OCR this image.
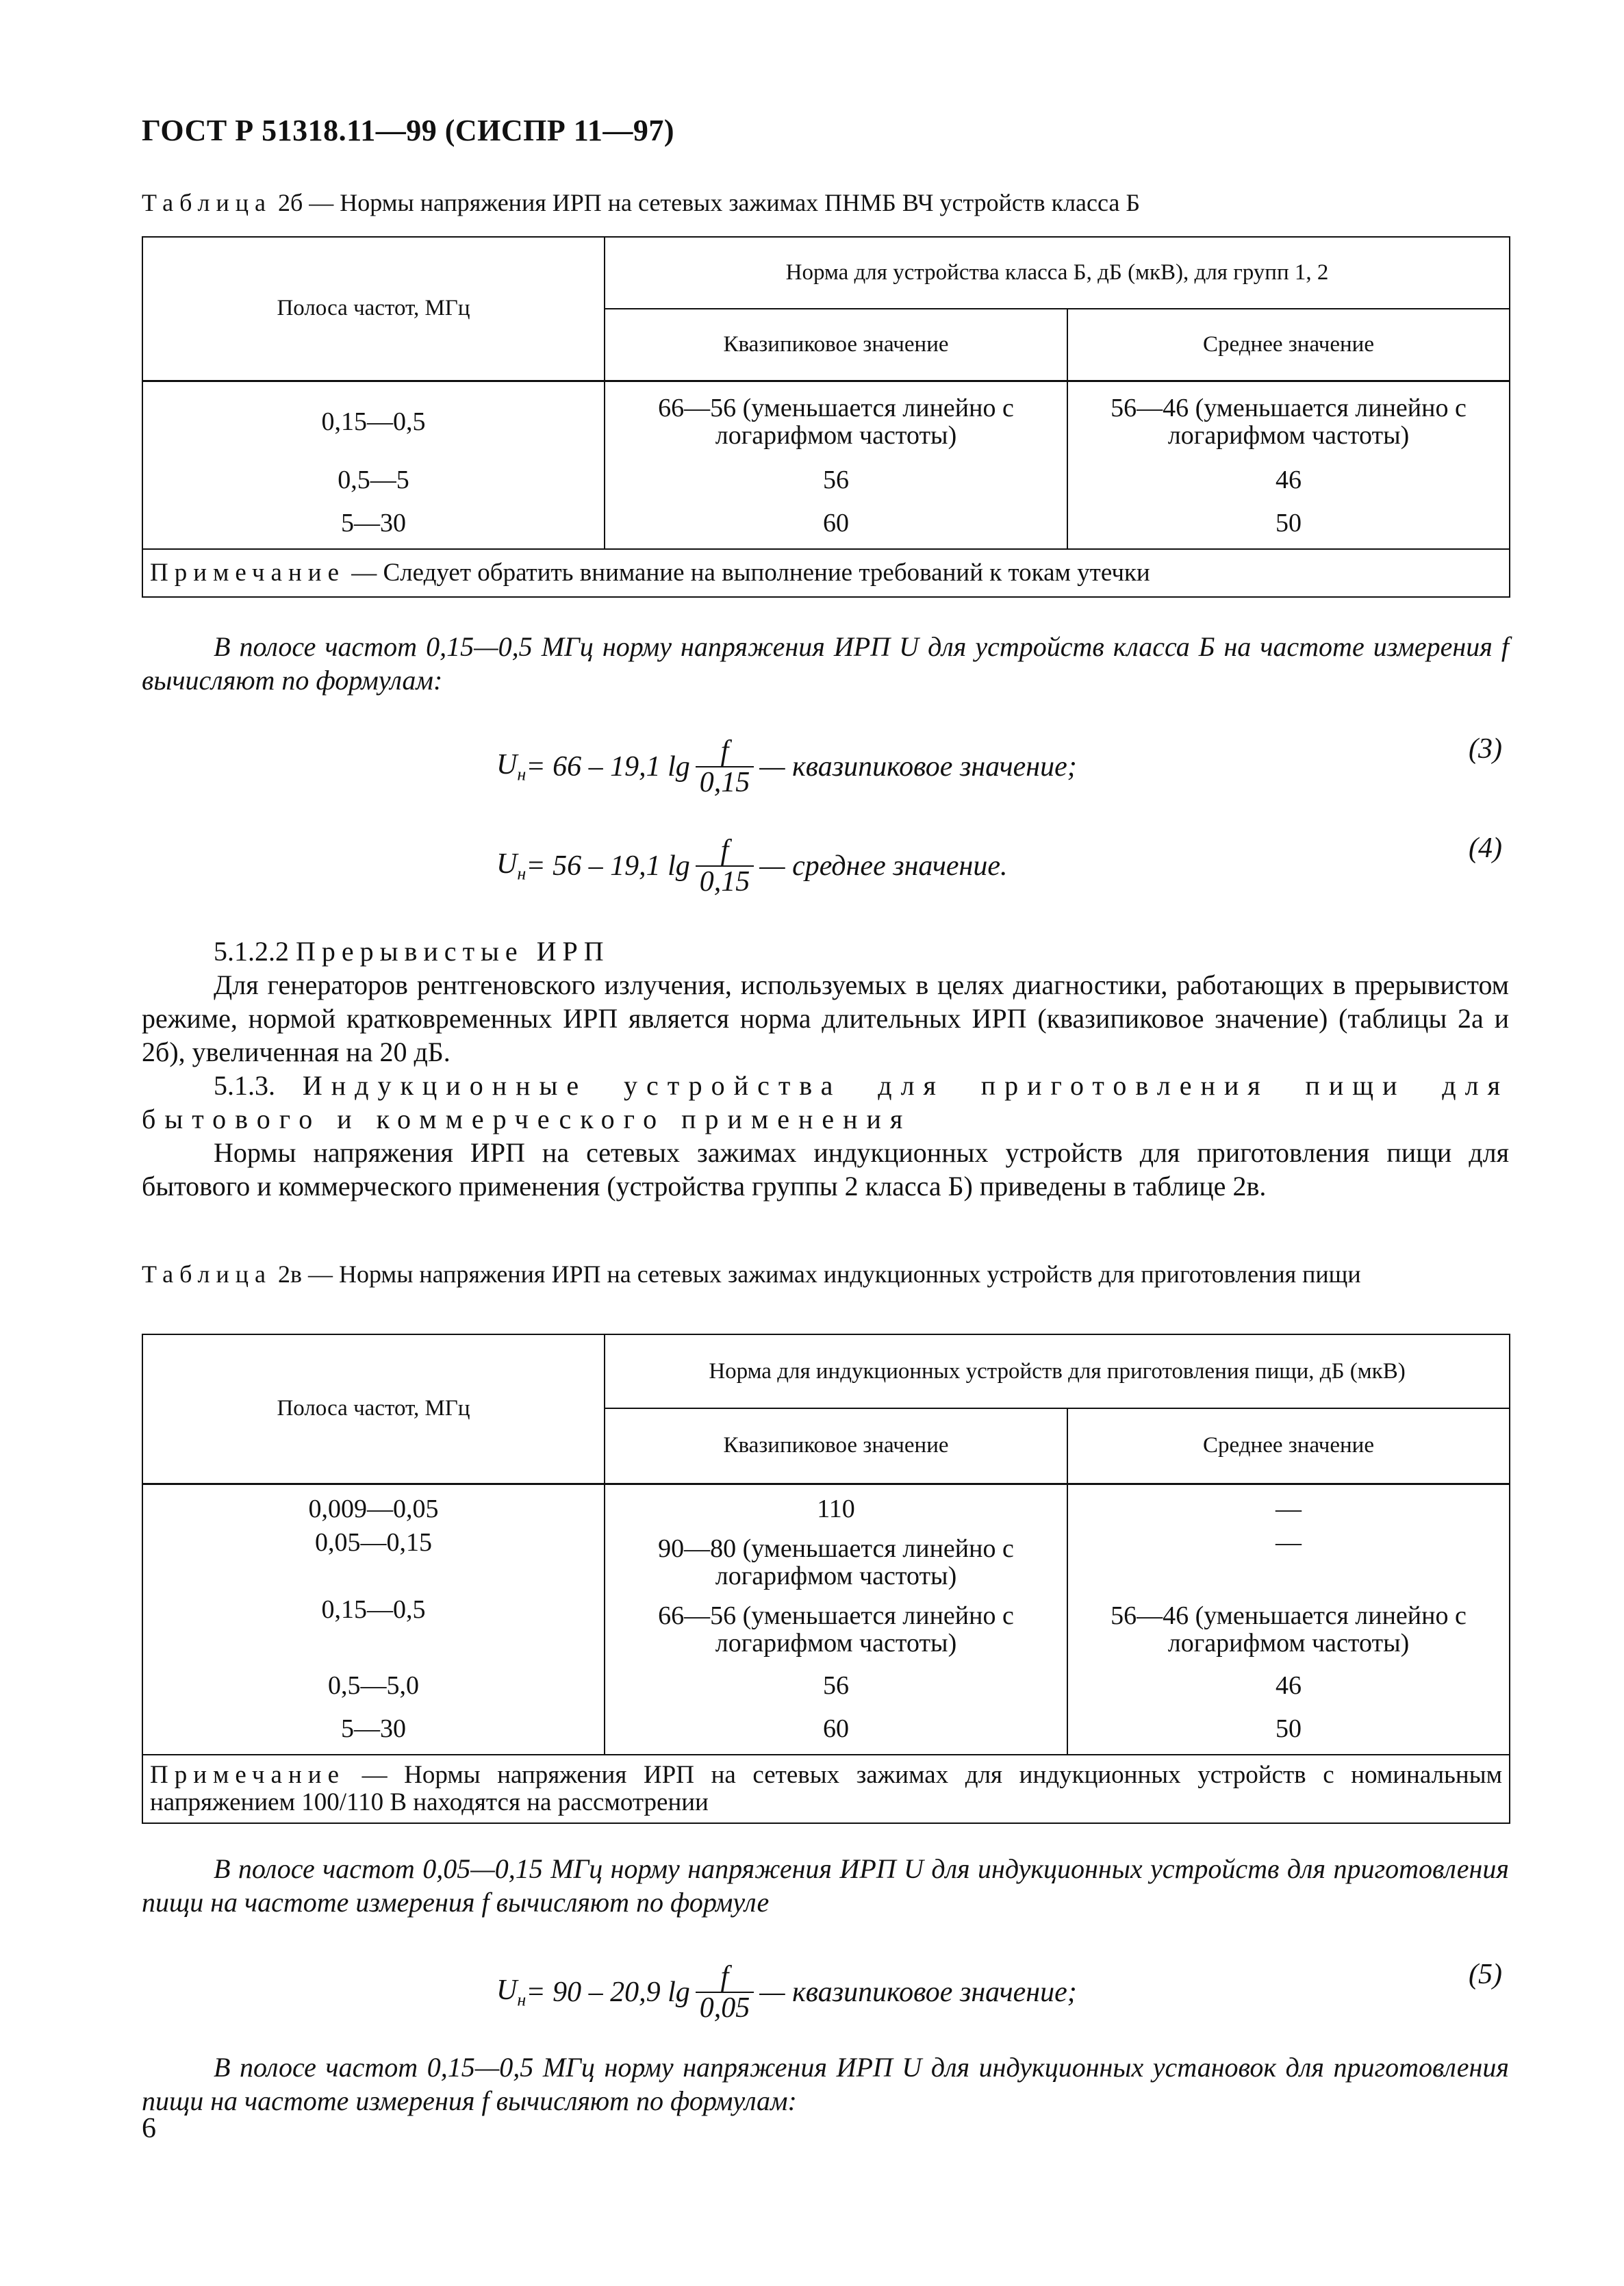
ГОСТ Р 51318.11—99 (СИСПР 11—97)
Таблица 2б — Нормы напряжения ИРП на сетевых зажимах ПНМБ ВЧ устройств класса Б
Полоса частот, МГц	Норма для устройства класса Б, дБ (мкВ), для групп 1, 2	
	Квазипиковое значение	Среднее значение
0,15—0,5	66—56 (уменьшается линейно с логарифмом частоты)	56—46 (уменьшается линейно с логарифмом частоты)
0,5—5	56	46
5—30	60	50
Примечание — Следует обратить внимание на выполнение требований к токам утечки		
В полосе частот 0,15—0,5 МГц норму напряжения ИРП U для устройств класса Б на частоте измерения f вычисляют по формулам:
$U_н = 66 - 19,1$ $\lg \frac{f}{0,15}$ — квазипиковое значение;
(3)
$U_н = 56 - 19,1$ $\lg \frac{f}{0,15}$ — среднее значение.
(4)
5.1.2.2 Прерывистые ИРП
Для генераторов рентгеновского излучения, используемых в целях диагностики, работающих в прерывистом режиме, нормой кратковременных ИРП является норма длительных ИРП (квазипиковое значение) (таблицы 2а и 2б), увеличенная на 20 дБ.
5.1.3. Индукционные устройства для приготовления пищи для бытового и коммерческого применения
Нормы напряжения ИРП на сетевых зажимах индукционных устройств для приготовления пищи для бытового и коммерческого применения (устройства группы 2 класса Б) приведены в таблице 2в.
Таблица 2в — Нормы напряжения ИРП на сетевых зажимах индукционных устройств для приготовления пищи
Полоса частот, МГц	Норма для индукционных устройств для приготовления пищи, дБ (мкВ)	
	Квазипиковое значение	Среднее значение
0,009—0,05	110	—
0,05—0,15	90—80 (уменьшается линейно с логарифмом частоты)	—
0,15—0,5	66—56 (уменьшается линейно с логарифмом частоты)	56—46 (уменьшается линейно с логарифмом частоты)
0,5—5,0	56	46
5—30	60	50
Примечание — Нормы напряжения ИРП на сетевых зажимах для индукционных устройств с номинальным напряжением 100/110 В находятся на рассмотрении		
В полосе частот 0,05—0,15 МГц норму напряжения ИРП U для индукционных устройств для приготовления пищи на частоте измерения f вычисляют по формуле
$U_н = 90 - 20,9$ $\lg \frac{f}{0,05}$ — квазипиковое значение;
(5)
В полосе частот 0,15—0,5 МГц норму напряжения ИРП U для индукционных установок для приготовления пищи на частоте измерения f вычисляют по формулам:
6
